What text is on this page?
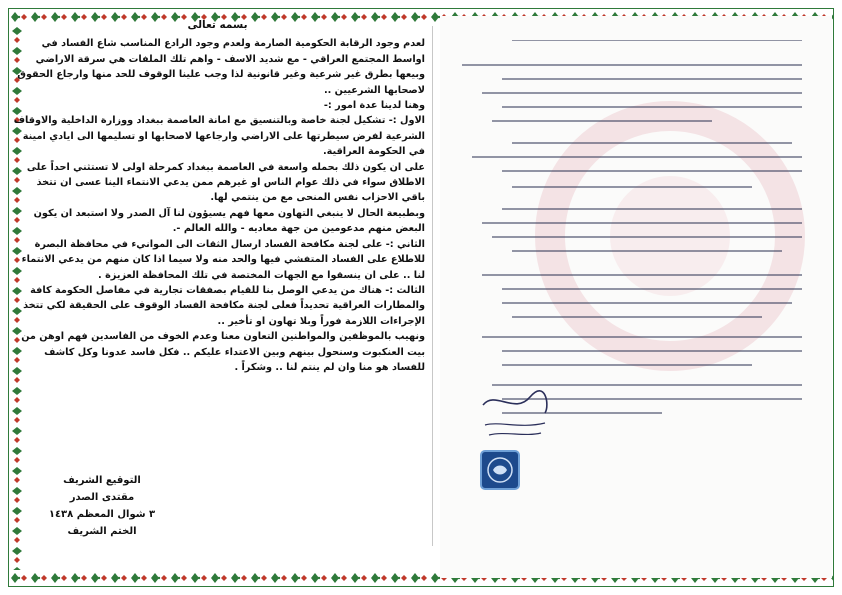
بسمه تعالى

لعدم وجود الرقابة الحكومية الصارمة ولعدم وجود الرادع المناسب شاع الفساد في اواسط المجتمع العراقي - مع شديد الاسف - واهم تلك الملفات هي سرقة الاراضي وبيعها بطرق غير شرعية وغير قانونية لذا وجب علينا الوقوف للحد منها وارجاع الحقوق لاصحابها الشرعيين ..

وهنا لدينا عدة امور :-

الاول :- تشكيل لجنة خاصة وبالتنسيق مع امانة العاصمة ببغداد ووزارة الداخلية والاوقاف الشرعية لفرض سيطرتها على الاراضي وارجاعها لاصحابها او تسليمها الى ايادي امينة في الحكومة العراقية.

على ان يكون ذلك بحمله واسعة في العاصمة ببغداد كمرحلة اولى لا تستثني احداً على الاطلاق سواء في ذلك عوام الناس او غيرهم ممن يدعي الانتماء الينا عسى ان تتخذ باقي الاحزاب نفس المنحى مع من ينتمي لها.

وبطبيعة الحال لا ينبغي التهاون معها فهم يسيؤون لنا آل الصدر ولا استبعد ان يكون البعض منهم مدعومين من جهة معاديه - والله العالم -.

الثاني :- على لجنة مكافحة الفساد ارسال الثقات الى الموانيء في محافظة البصرة للاطلاع على الفساد المتفشي فيها والحد منه ولا سيما اذا كان منهم من يدعي الانتماء لنا .. على ان ينسقوا مع الجهات المختصة في تلك المحافظة العزيزة .

الثالث :- هناك من يدعي الوصل بنا للقيام بصفقات تجارية في مفاصل الحكومة كافة والمطارات العراقية تحديداً فعلى لجنة مكافحة الفساد الوقوف على الحقيقة لكي تتخذ الإجراءات اللازمة فوراً وبلا تهاون او تأخير ..

ونهيب بالموظفين والمواطنين التعاون معنا وعدم الخوف من الفاسدين فهم اوهن من بيت العنكبوت وسنحول بينهم وبين الاعتداء عليكم .. فكل فاسد عدونا وكل كاشف للفساد هو منا وان لم ينتم لنا .. وشكراً .

التوقيع الشريف
مقتدى الصدر
٣ شوال المعظم ١٤٣٨
الختم الشريف
